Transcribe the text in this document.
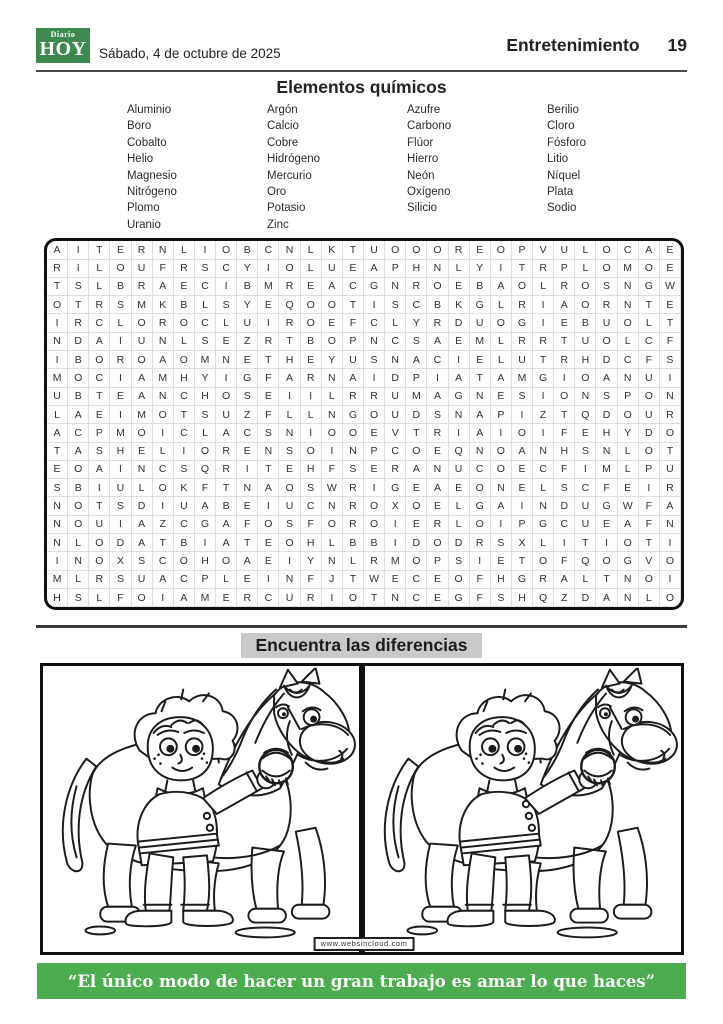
Diario
HOY Sábado, 4 de octubre de 2025	Entretenimiento 19
Elementos químicos
Aluminio
Boro
Cobalto
Helio
Magnesio
Nitrógeno
Plomo
Uranio
Argón
Calcio
Cobre
Hidrógeno
Mercurio
Oro
Potasio
Zinc
Azufre
Carbono
Flúor
Hierro
Neón
Oxígeno
Silicio
Berilio
Cloro
Fósforo
Litio
Níquel
Plata
Sodio
A	I	T	E	R	N	L	I	O	B	C	N	L	K	T	U	O	O	O	R	E	O	P	V	U	L	O	C	A	E
R	I	L	O	U	F	R	S	C	Y	I	O	L	U	E	A	P	H	N	L	Y	I	T	R	P	L	O	M	O	E
T	S	L	B	R	A	E	C	I	B	M	R	E	A	C	G	N	R	O	E	B	A	O	L	R	O	S	N	G	W
O	T	R	S	M	K	B	L	S	Y	E	Q	O	O	T	I	S	C	B	K	G	L	R	I	A	O	R	N	T	E
I	R	C	L	O	R	O	C	L	U	I	R	O	E	F	C	L	Y	R	D	U	O	G	I	E	B	U	O	L	T
N	D	A	I	U	N	L	S	E	Z	R	T	B	O	P	N	C	S	A	E	M	L	R	R	T	U	O	L	C	F
I	B	O	R	O	A	O	M	N	E	T	H	E	Y	U	S	N	A	C	I	E	L	U	T	R	H	D	C	F	S
M	O	C	I	A	M	H	Y	I	G	F	A	R	N	A	I	D	P	I	A	T	A	M	G	I	O	A	N	U	I
U	B	T	E	A	N	C	H	O	S	E	I	I	L	R	R	U	M	A	G	N	E	S	I	O	N	S	P	O	N
L	A	E	I	M	O	T	S	U	Z	F	L	L	N	G	O	U	D	S	N	A	P	I	Z	T	Q	D	O	U	R
A	C	P	M	O	I	C	L	A	C	S	N	I	O	O	E	V	T	R	I	A	I	O	I	F	E	H	Y	D	O
T	A	S	H	E	L	I	O	R	E	N	S	O	I	N	P	C	O	E	Q	N	O	A	N	H	S	N	L	O	T
E	O	A	I	N	C	S	Q	R	I	T	E	H	F	S	E	R	A	N	U	C	O	E	C	F	I	M	L	P	U
S	B	I	U	L	O	K	F	T	N	A	O	S	W	R	I	G	E	A	E	O	N	E	L	S	C	F	E	I	R
N	O	T	S	D	I	U	A	B	E	I	U	C	N	R	O	X	O	E	L	G	A	I	N	D	U	G	W	F	A
N	O	U	I	A	Z	C	G	A	F	O	S	F	O	R	O	I	E	R	L	O	I	P	G	C	U	E	A	F	N
N	L	O	D	A	T	B	I	A	T	E	O	H	L	B	B	I	D	O	D	R	S	X	L	I	T	I	O	T	I
I	N	O	X	S	C	O	H	O	A	E	I	Y	N	L	R	M	O	P	S	I	E	T	O	F	Q	O	G	V	O
M	L	R	S	U	A	C	P	L	E	I	N	F	J	T	W	E	C	E	O	F	H	G	R	A	L	T	N	O	I
H	S	L	F	O	I	A	M	E	R	C	U	R	I	O	T	N	C	E	G	F	S	H	Q	Z	D	A	N	L	O
Encuentra las diferencias
www.websincloud.com
“El único modo de hacer un gran trabajo es amar lo que haces”
